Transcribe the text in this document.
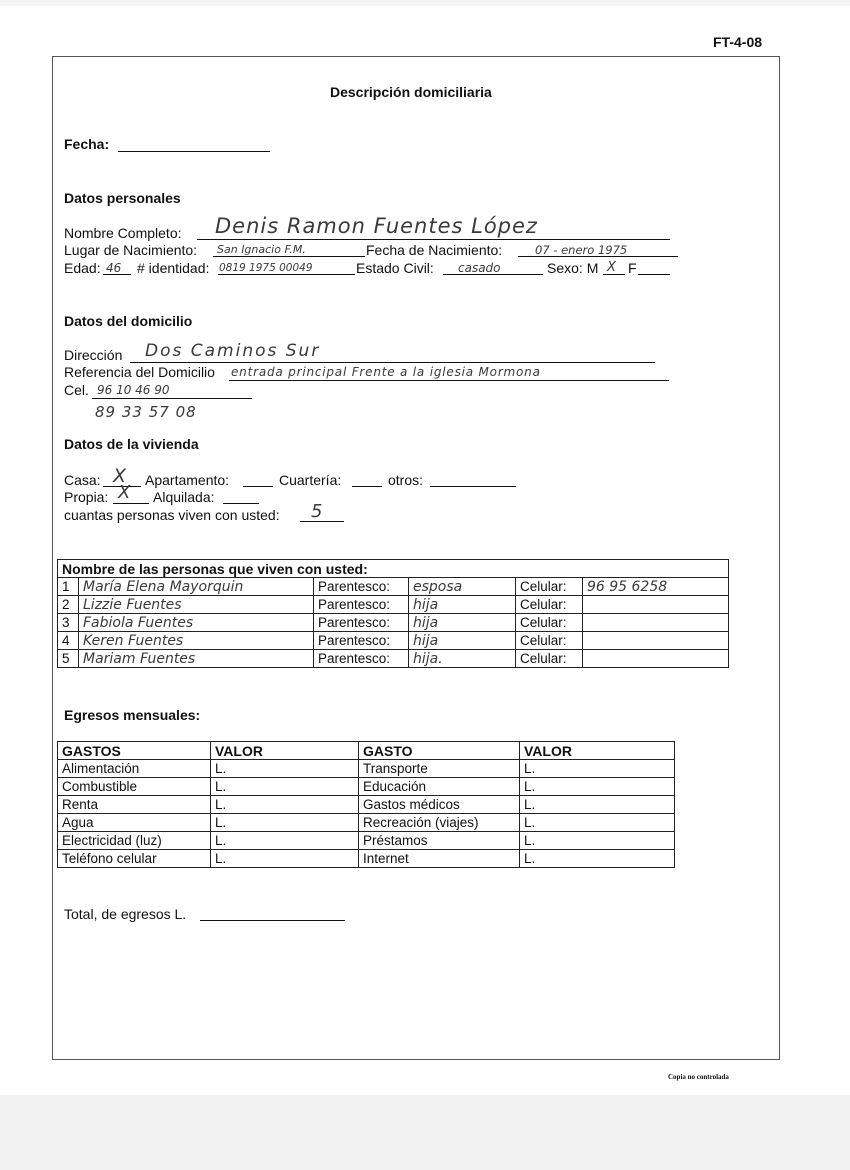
FT-4-08
Descripción domiciliaria
Fecha:
Datos personales
Nombre Completo: Denis Ramon Fuentes López
Lugar de Nacimiento: San Ignacio F.M.	Fecha de Nacimiento:	07 - enero 1975
Edad: 46 # identidad: 0819 1975 00049	Estado Civil: casado	Sexo: M X F
Datos del domicilio
Dirección Dos Caminos Sur
Referencia del Domicilio entrada principal Frente a la iglesia Mormona
Cel. 96 10 46 90
89 33 57 08
Datos de la vivienda
Casa: X Apartamento:	Cuartería:	otros:
Propia: X Alquilada:
cuantas personas viven con usted: 5
Nombre de las personas que viven con usted:					
1	María Elena Mayorquin	Parentesco:	esposa	Celular:	96 95 6258
2	Lizzie Fuentes	Parentesco:	hija	Celular:	
3	Fabiola Fuentes	Parentesco:	hija	Celular:	
4	Keren Fuentes	Parentesco:	hija	Celular:	
5	Mariam Fuentes	Parentesco:	hija.	Celular:	
Egresos mensuales:
GASTOS	VALOR	GASTO	VALOR
Alimentación	L.	Transporte	L.
Combustible	L.	Educación	L.
Renta	L.	Gastos médicos	L.
Agua	L.	Recreación (viajes)	L.
Electricidad (luz)	L.	Préstamos	L.
Teléfono celular	L.	Internet	L.
Total, de egresos L.
Copia no controlada
